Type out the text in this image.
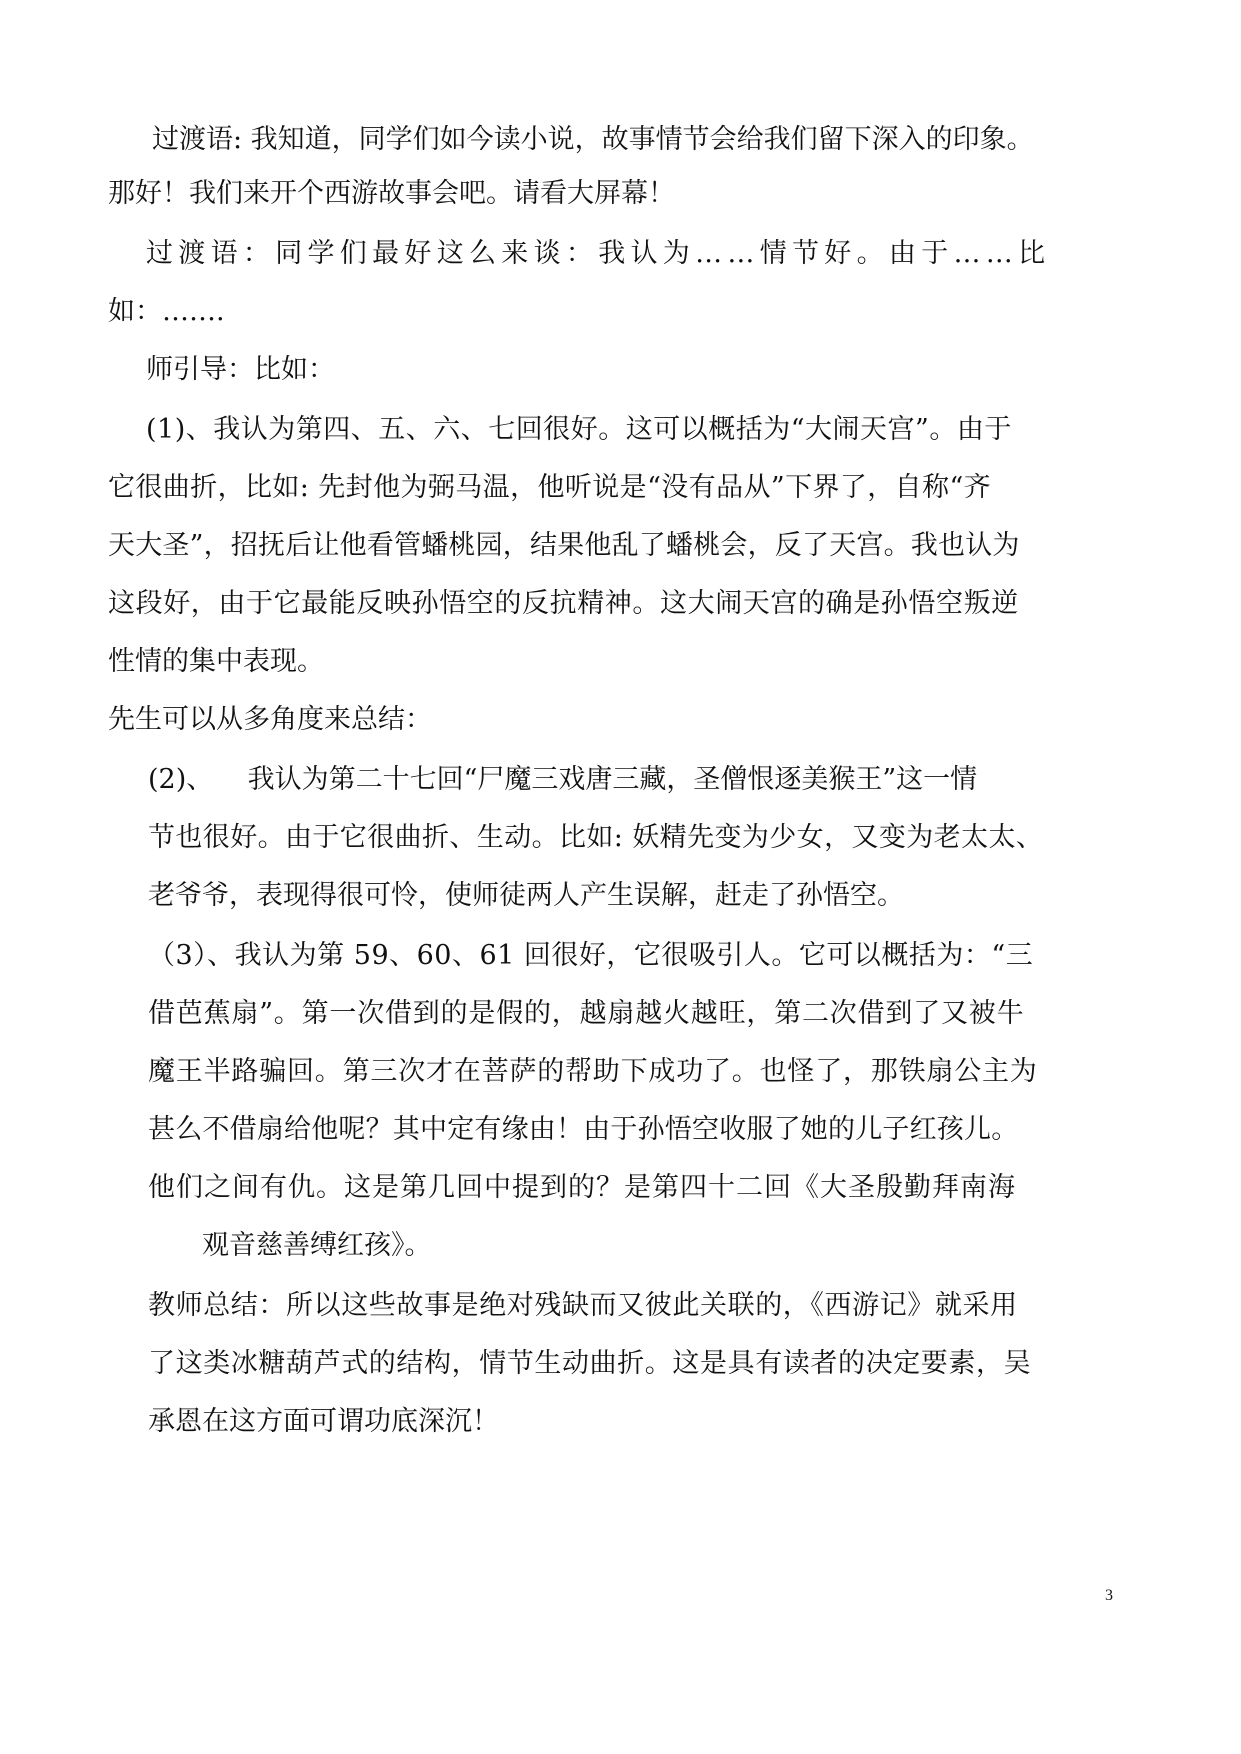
过渡语: 我知道，同学们如今读小说，故事情节会给我们留下深入的印象。
那好！我们来开个西游故事会吧。请看大屏幕！
过渡语：同学们最好这么来谈：我认为……情节好。由于……比
如：…….
师引导：比如：
(1)、我认为第四、五、六、七回很好。这可以概括为“大闹天宫”。由于
它很曲折，比如: 先封他为弼马温，他听说是“没有品从”下界了，自称“齐
天大圣”，招抚后让他看管蟠桃园，结果他乱了蟠桃会，反了天宫。我也认为
这段好，由于它最能反映孙悟空的反抗精神。这大闹天宫的确是孙悟空叛逆
性情的集中表现。
先生可以从多角度来总结：
(2)、    我认为第二十七回“尸魔三戏唐三藏，圣僧恨逐美猴王”这一情
节也很好。由于它很曲折、生动。比如: 妖精先变为少女，又变为老太太、
老爷爷，表现得很可怜，使师徒两人产生误解，赶走了孙悟空。
（3）、我认为第 59、60、61 回很好，它很吸引人。它可以概括为：“三
借芭蕉扇”。第一次借到的是假的，越扇越火越旺，第二次借到了又被牛
魔王半路骗回。第三次才在菩萨的帮助下成功了。也怪了，那铁扇公主为
甚么不借扇给他呢？其中定有缘由！由于孙悟空收服了她的儿子红孩儿。
他们之间有仇。这是第几回中提到的？是第四十二回《大圣殷勤拜南海
观音慈善缚红孩》。
教师总结：所以这些故事是绝对残缺而又彼此关联的，《西游记》就采用
了这类冰糖葫芦式的结构，情节生动曲折。这是具有读者的决定要素，吴
承恩在这方面可谓功底深沉！
3
